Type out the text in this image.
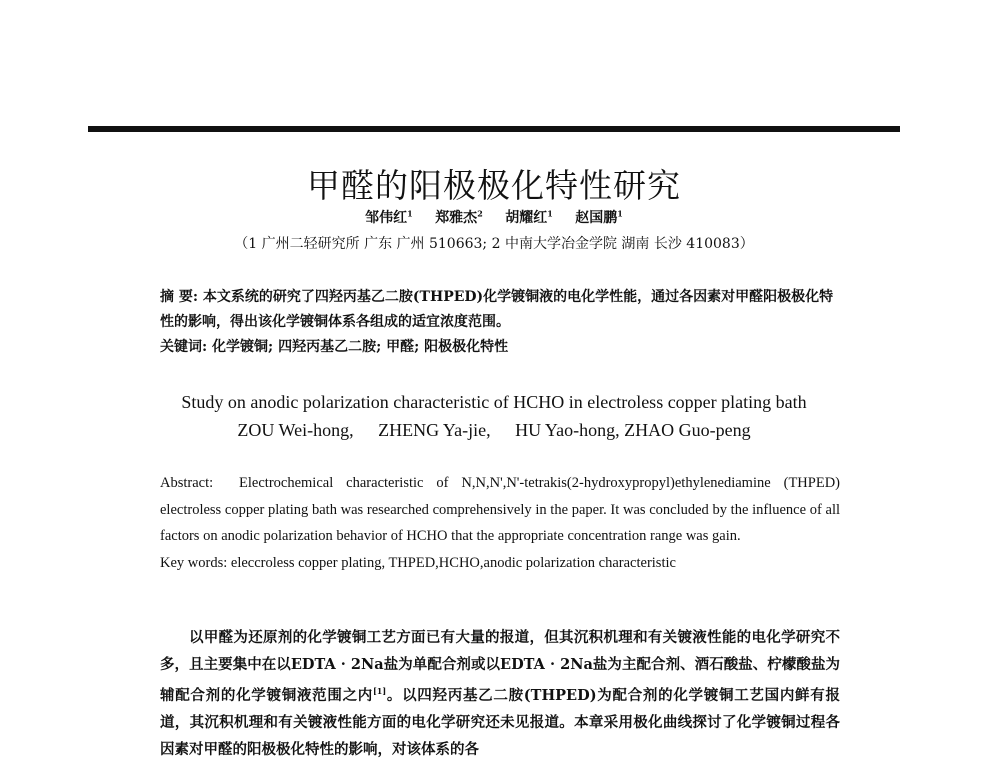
甲醛的阳极极化特性研究
邹伟红$^1$ 郑雅杰$^2$ 胡耀红$^1$ 赵国鹏$^1$
（1 广州二轻研究所 广东 广州 510663; 2 中南大学冶金学院 湖南 长沙 410083）
摘 要: 本文系统的研究了四羟丙基乙二胺(THPED)化学镀铜液的电化学性能，通过各因素对甲醛阳极极化特性的影响，得出该化学镀铜体系各组成的适宜浓度范围。
关键词: 化学镀铜; 四羟丙基乙二胺; 甲醛; 阳极极化特性
Study on anodic polarization characteristic of HCHO in electroless copper plating bath
ZOU Wei-hong, ZHENG Ya-jie, HU Yao-hong, ZHAO Guo-peng
Abstract: Electrochemical characteristic of N,N,N',N'-tetrakis(2-hydroxypropyl)ethylenediamine (THPED) electroless copper plating bath was researched comprehensively in the paper. It was concluded by the influence of all factors on anodic polarization behavior of HCHO that the appropriate concentration range was gain.
Key words: eleccroless copper plating, THPED,HCHO,anodic polarization characteristic
以甲醛为还原剂的化学镀铜工艺方面已有大量的报道，但其沉积机理和有关镀液性能的电化学研究不多，且主要集中在以EDTA · 2Na盐为单配合剂或以EDTA · 2Na盐为主配合剂、酒石酸盐、柠檬酸盐为辅配合剂的化学镀铜液范围之内[1]。以四羟丙基乙二胺(THPED)为配合剂的化学镀铜工艺国内鲜有报道，其沉积机理和有关镀液性能方面的电化学研究还未见报道。本章采用极化曲线探讨了化学镀铜过程各因素对甲醛的阳极极化特性的影响，对该体系的各
